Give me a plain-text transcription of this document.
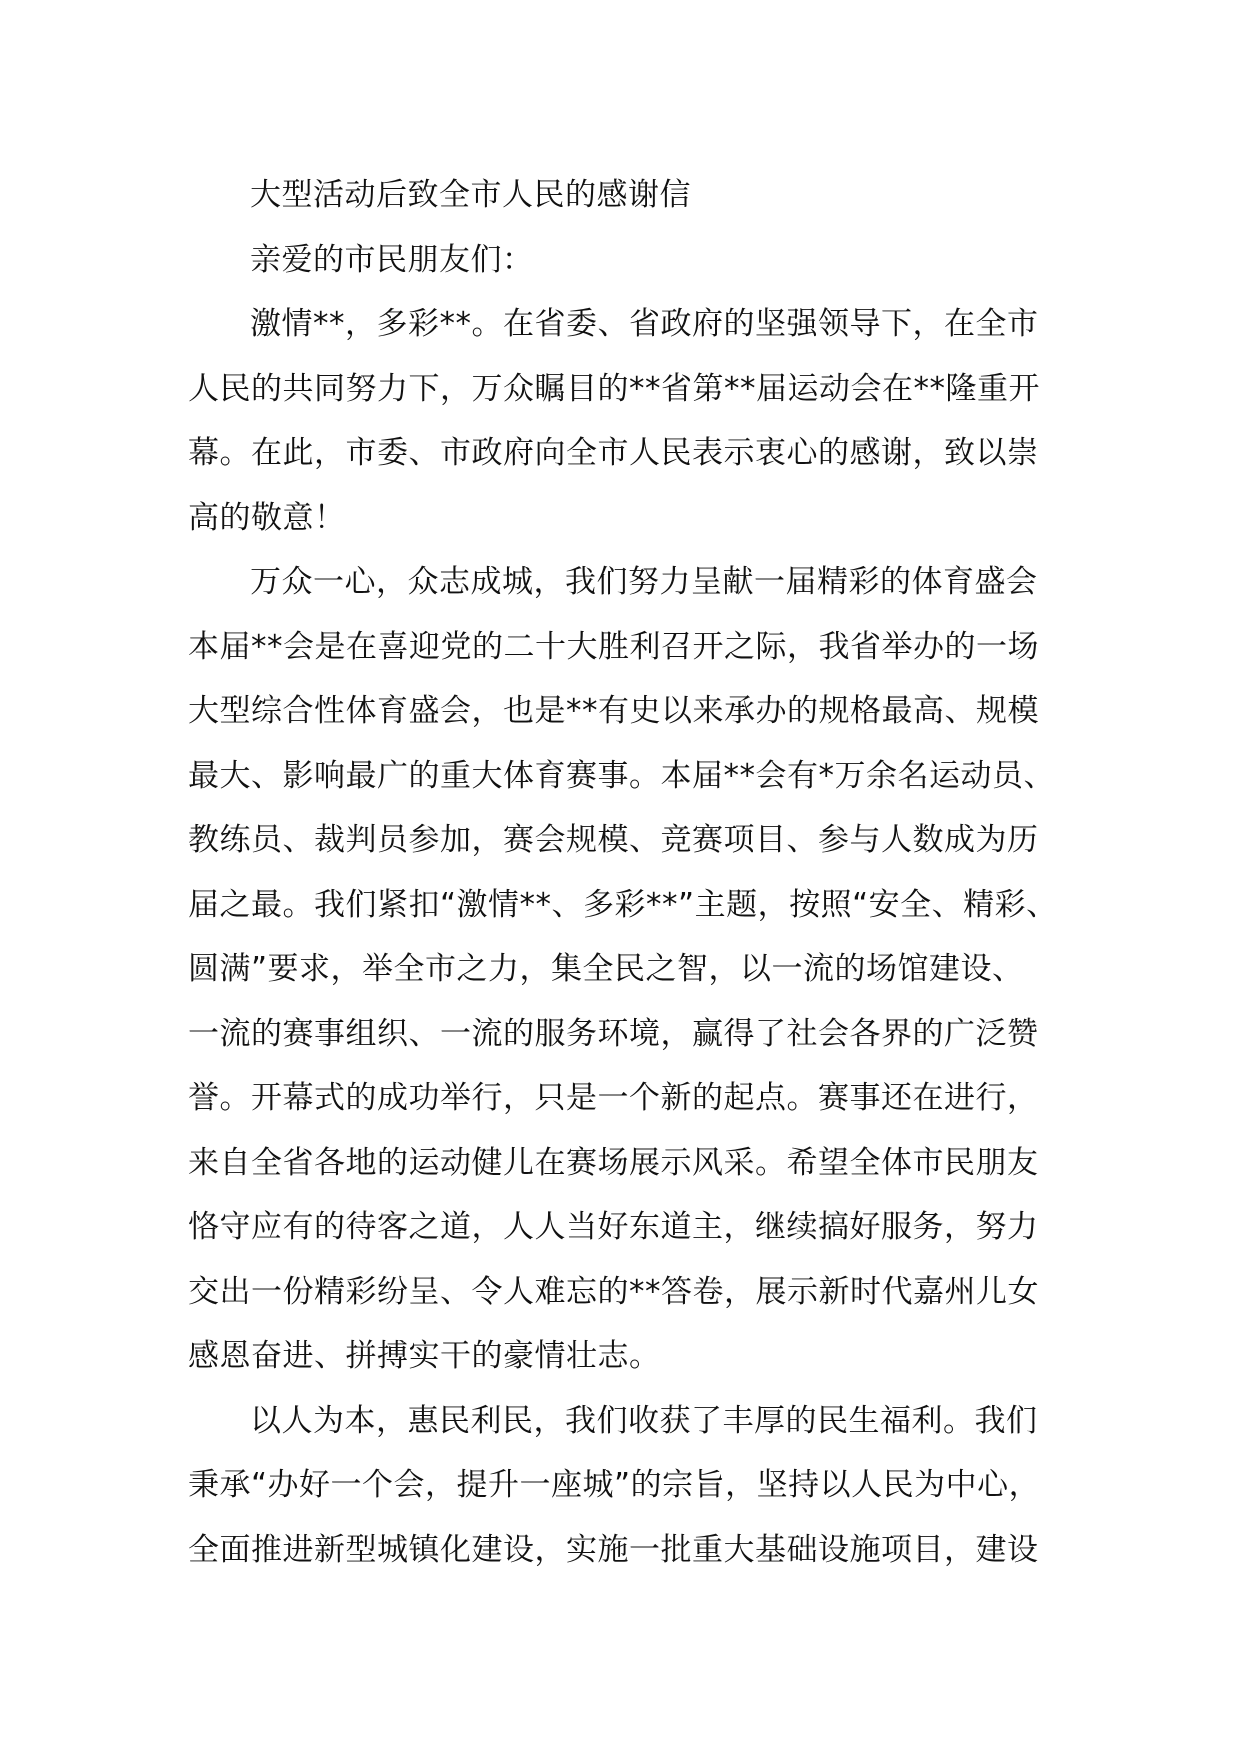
大型活动后致全市人民的感谢信
亲爱的市民朋友们：
激情**，多彩**。在省委、省政府的坚强领导下，在全市
人民的共同努力下，万众瞩目的**省第**届运动会在**隆重开
幕。在此，市委、市政府向全市人民表示衷心的感谢，致以崇
高的敬意！
万众一心，众志成城，我们努力呈献一届精彩的体育盛会
本届**会是在喜迎党的二十大胜利召开之际，我省举办的一场
大型综合性体育盛会，也是**有史以来承办的规格最高、规模
最大、影响最广的重大体育赛事。本届**会有*万余名运动员、
教练员、裁判员参加，赛会规模、竞赛项目、参与人数成为历
届之最。我们紧扣“激情**、多彩**”主题，按照“安全、精彩、
圆满”要求，举全市之力，集全民之智，以一流的场馆建设、
一流的赛事组织、一流的服务环境，赢得了社会各界的广泛赞
誉。开幕式的成功举行，只是一个新的起点。赛事还在进行，
来自全省各地的运动健儿在赛场展示风采。希望全体市民朋友
恪守应有的待客之道，人人当好东道主，继续搞好服务，努力
交出一份精彩纷呈、令人难忘的**答卷，展示新时代嘉州儿女
感恩奋进、拼搏实干的豪情壮志。
以人为本，惠民利民，我们收获了丰厚的民生福利。我们
秉承“办好一个会，提升一座城”的宗旨，坚持以人民为中心，
全面推进新型城镇化建设，实施一批重大基础设施项目，建设
